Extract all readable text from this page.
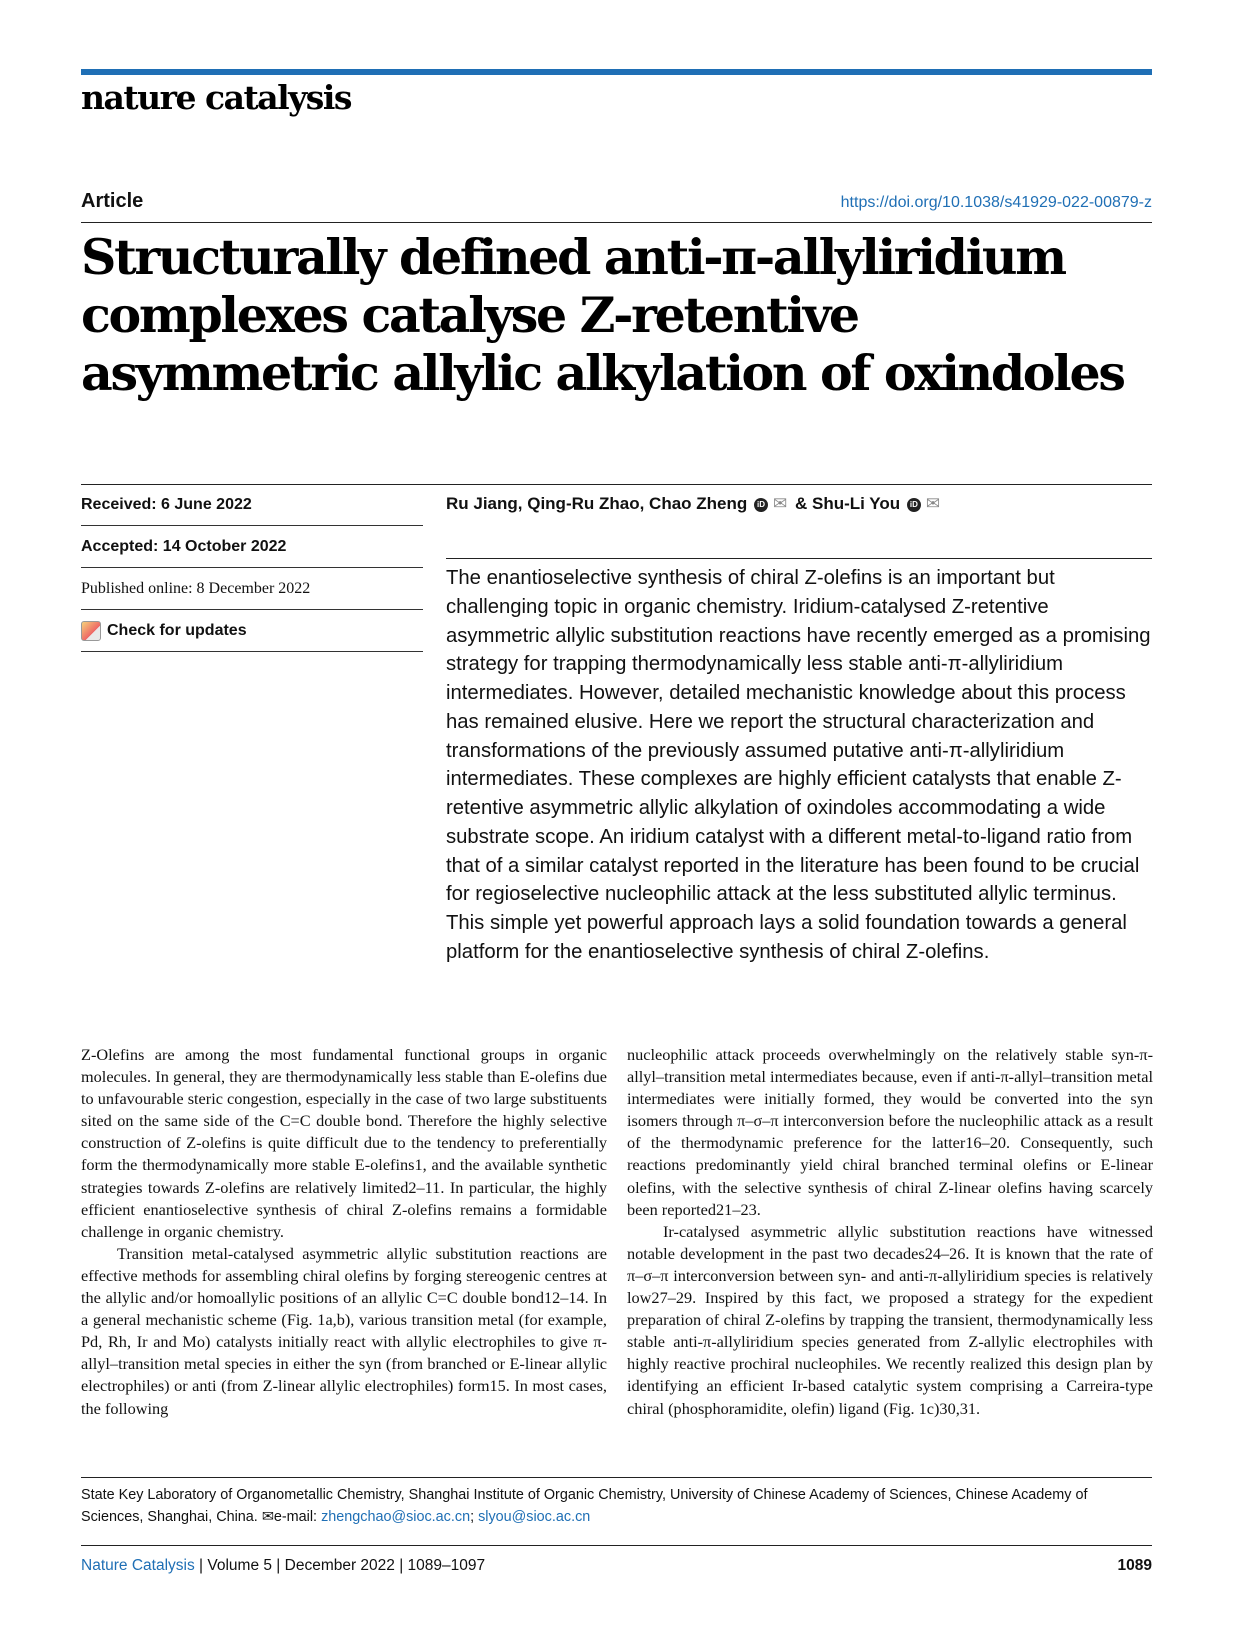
nature catalysis
Article	https://doi.org/10.1038/s41929-022-00879-z
Structurally defined anti-π-allyliridium complexes catalyse Z-retentive asymmetric allylic alkylation of oxindoles
Received: 6 June 2022
Accepted: 14 October 2022
Published online: 8 December 2022
Check for updates
Ru Jiang, Qing-Ru Zhao, Chao Zheng iD ✉ & Shu-Li You iD ✉

The enantioselective synthesis of chiral Z-olefins is an important but challenging topic in organic chemistry. Iridium-catalysed Z-retentive asymmetric allylic substitution reactions have recently emerged as a promising strategy for trapping thermodynamically less stable anti-π-allyliridium intermediates. However, detailed mechanistic knowledge about this process has remained elusive. Here we report the structural characterization and transformations of the previously assumed putative anti-π-allyliridium intermediates. These complexes are highly efficient catalysts that enable Z-retentive asymmetric allylic alkylation of oxindoles accommodating a wide substrate scope. An iridium catalyst with a different metal-to-ligand ratio from that of a similar catalyst reported in the literature has been found to be crucial for regioselective nucleophilic attack at the less substituted allylic terminus. This simple yet powerful approach lays a solid foundation towards a general platform for the enantioselective synthesis of chiral Z-olefins.

Z-Olefins are among the most fundamental functional groups in organic molecules. In general, they are thermodynamically less stable than E-olefins due to unfavourable steric congestion, especially in the case of two large substituents sited on the same side of the C=C double bond. Therefore the highly selective construction of Z-olefins is quite difficult due to the tendency to preferentially form the thermodynamically more stable E-olefins1, and the available synthetic strategies towards Z-olefins are relatively limited2–11. In particular, the highly efficient enantioselective synthesis of chiral Z-olefins remains a formidable challenge in organic chemistry.

Transition metal-catalysed asymmetric allylic substitution reactions are effective methods for assembling chiral olefins by forging stereogenic centres at the allylic and/or homoallylic positions of an allylic C=C double bond12–14. In a general mechanistic scheme (Fig. 1a,b), various transition metal (for example, Pd, Rh, Ir and Mo) catalysts initially react with allylic electrophiles to give π-allyl–transition metal species in either the syn (from branched or E-linear allylic electrophiles) or anti (from Z-linear allylic electrophiles) form15. In most cases, the following

nucleophilic attack proceeds overwhelmingly on the relatively stable syn-π-allyl–transition metal intermediates because, even if anti-π-allyl–transition metal intermediates were initially formed, they would be converted into the syn isomers through π–σ–π interconversion before the nucleophilic attack as a result of the thermodynamic preference for the latter16–20. Consequently, such reactions predominantly yield chiral branched terminal olefins or E-linear olefins, with the selective synthesis of chiral Z-linear olefins having scarcely been reported21–23.

Ir-catalysed asymmetric allylic substitution reactions have witnessed notable development in the past two decades24–26. It is known that the rate of π–σ–π interconversion between syn- and anti-π-allyliridium species is relatively low27–29. Inspired by this fact, we proposed a strategy for the expedient preparation of chiral Z-olefins by trapping the transient, thermodynamically less stable anti-π-allyliridium species generated from Z-allylic electrophiles with highly reactive prochiral nucleophiles. We recently realized this design plan by identifying an efficient Ir-based catalytic system comprising a Carreira-type chiral (phosphoramidite, olefin) ligand (Fig. 1c)30,31.

State Key Laboratory of Organometallic Chemistry, Shanghai Institute of Organic Chemistry, University of Chinese Academy of Sciences, Chinese Academy of Sciences, Shanghai, China. ✉e-mail: zhengchao@sioc.ac.cn; slyou@sioc.ac.cn
Nature Catalysis | Volume 5 | December 2022 | 1089–1097	1089
